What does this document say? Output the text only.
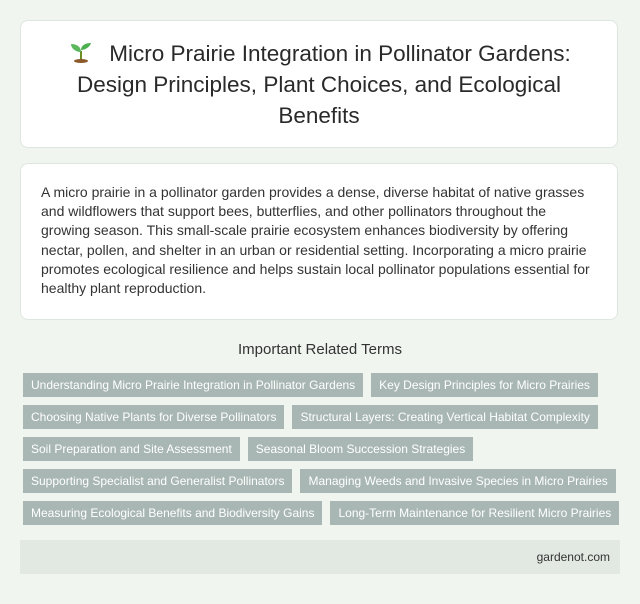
Micro Prairie Integration in Pollinator Gardens: Design Principles, Plant Choices, and Ecological Benefits

A micro prairie in a pollinator garden provides a dense, diverse habitat of native grasses and wildflowers that support bees, butterflies, and other pollinators throughout the growing season. This small-scale prairie ecosystem enhances biodiversity by offering nectar, pollen, and shelter in an urban or residential setting. Incorporating a micro prairie promotes ecological resilience and helps sustain local pollinator populations essential for healthy plant reproduction.

Important Related Terms
Understanding Micro Prairie Integration in Pollinator Gardens	Key Design Principles for Micro Prairies
Choosing Native Plants for Diverse Pollinators	Structural Layers: Creating Vertical Habitat Complexity
Soil Preparation and Site Assessment	Seasonal Bloom Succession Strategies
Supporting Specialist and Generalist Pollinators	Managing Weeds and Invasive Species in Micro Prairies
Measuring Ecological Benefits and Biodiversity Gains	Long-Term Maintenance for Resilient Micro Prairies
gardenot.com
